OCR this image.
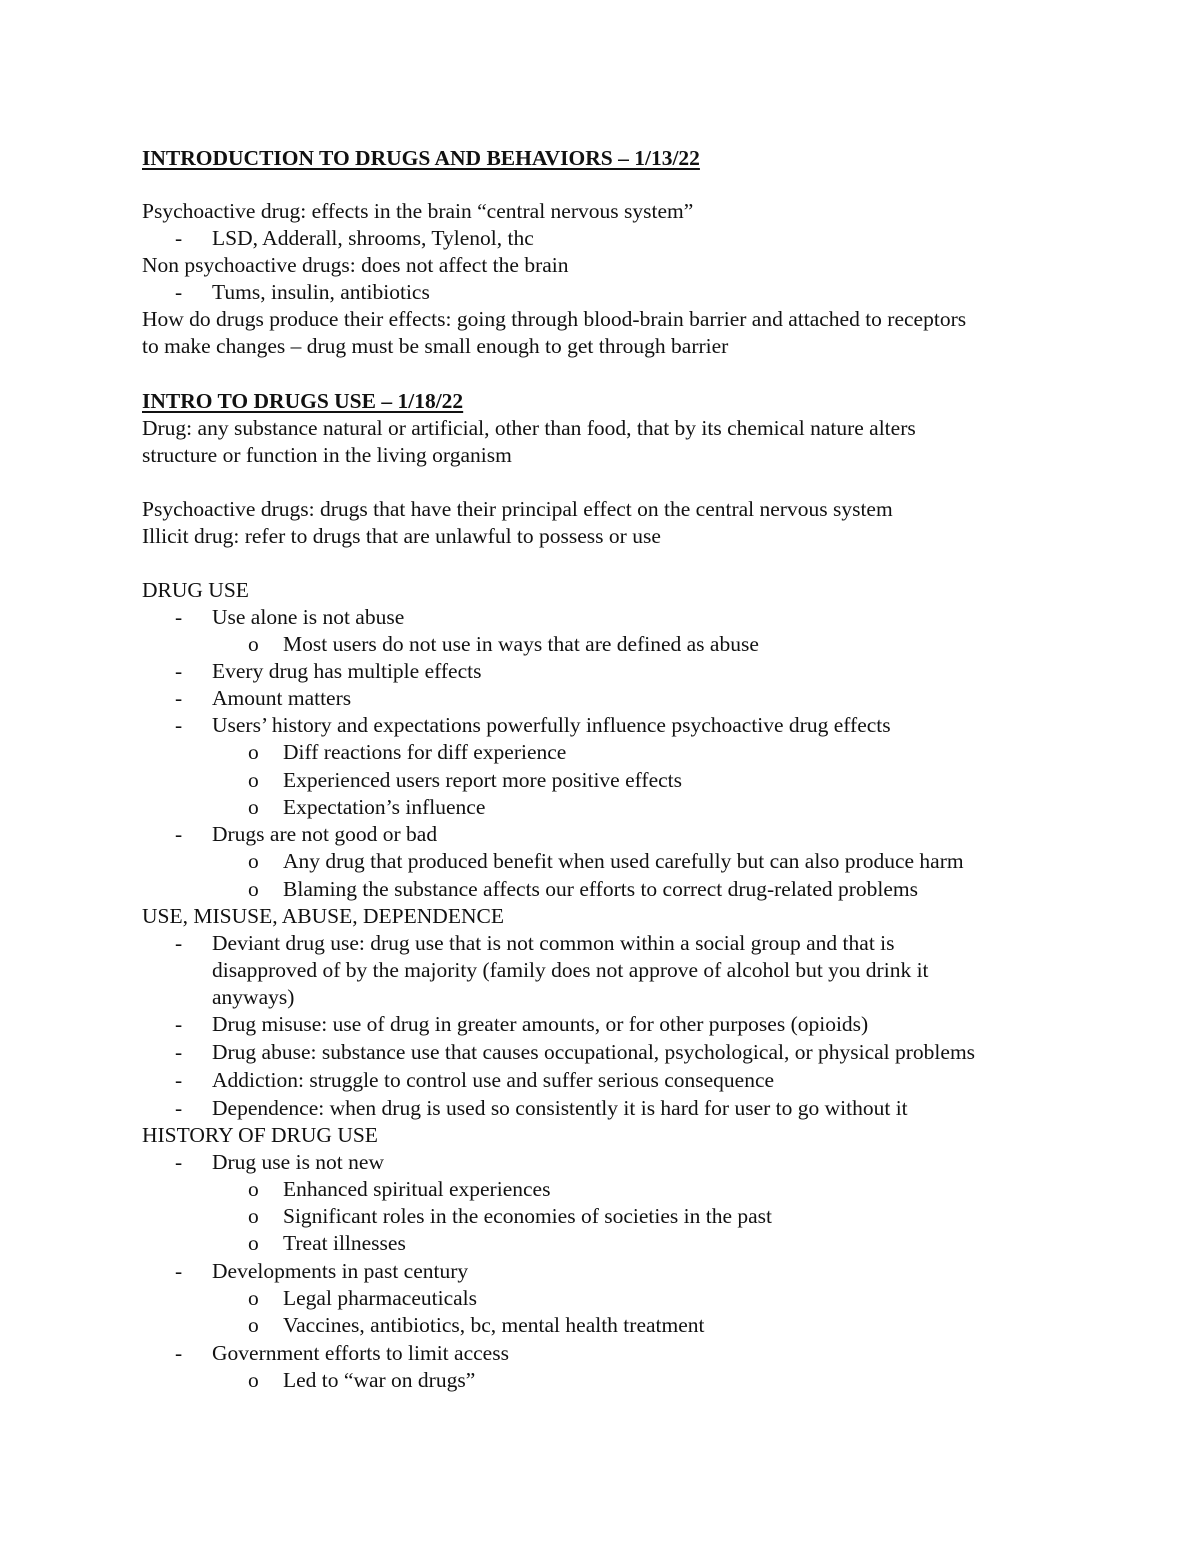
INTRODUCTION TO DRUGS AND BEHAVIORS – 1/13/22
Psychoactive drug: effects in the brain “central nervous system”
- LSD, Adderall, shrooms, Tylenol, thc
Non psychoactive drugs: does not affect the brain
- Tums, insulin, antibiotics
How do drugs produce their effects: going through blood-brain barrier and attached to receptors
to make changes – drug must be small enough to get through barrier
INTRO TO DRUGS USE – 1/18/22
Drug: any substance natural or artificial, other than food, that by its chemical nature alters
structure or function in the living organism
Psychoactive drugs: drugs that have their principal effect on the central nervous system
Illicit drug: refer to drugs that are unlawful to possess or use
DRUG USE
- Use alone is not abuse
o Most users do not use in ways that are defined as abuse
- Every drug has multiple effects
- Amount matters
- Users’ history and expectations powerfully influence psychoactive drug effects
o Diff reactions for diff experience
o Experienced users report more positive effects
o Expectation’s influence
- Drugs are not good or bad
o Any drug that produced benefit when used carefully but can also produce harm
o Blaming the substance affects our efforts to correct drug-related problems
USE, MISUSE, ABUSE, DEPENDENCE
- Deviant drug use: drug use that is not common within a social group and that is
disapproved of by the majority (family does not approve of alcohol but you drink it
anyways)
- Drug misuse: use of drug in greater amounts, or for other purposes (opioids)
- Drug abuse: substance use that causes occupational, psychological, or physical problems
- Addiction: struggle to control use and suffer serious consequence
- Dependence: when drug is used so consistently it is hard for user to go without it
HISTORY OF DRUG USE
- Drug use is not new
o Enhanced spiritual experiences
o Significant roles in the economies of societies in the past
o Treat illnesses
- Developments in past century
o Legal pharmaceuticals
o Vaccines, antibiotics, bc, mental health treatment
- Government efforts to limit access
o Led to “war on drugs”
